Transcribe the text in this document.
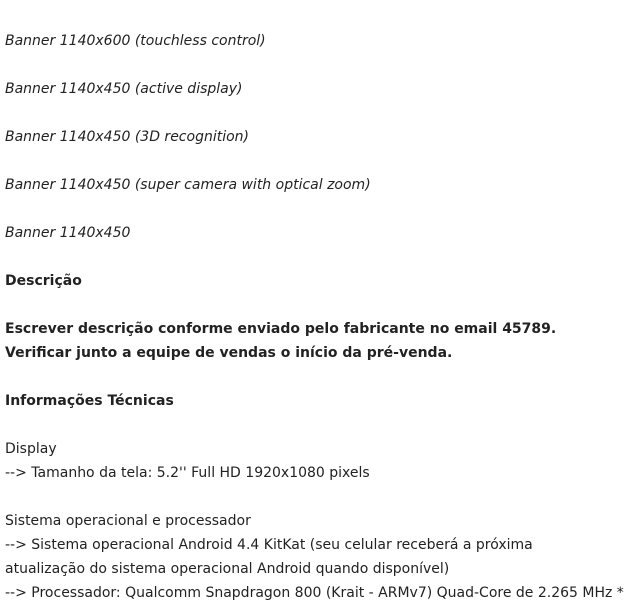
Banner 1140x600 (touchless control)

Banner 1140x450 (active display)

Banner 1140x450 (3D recognition)

Banner 1140x450 (super camera with optical zoom)

Banner 1140x450

Descrição

Escrever descrição conforme enviado pelo fabricante no email 45789.

Verificar junto a equipe de vendas o início da pré-venda.

Informações Técnicas

Display

--> Tamanho da tela: 5.2'' Full HD 1920x1080 pixels

Sistema operacional e processador

--> Sistema operacional Android 4.4 KitKat (seu celular receberá a próxima atualização do sistema operacional Android quando disponível)

--> Processador: Qualcomm Snapdragon 800 (Krait - ARMv7) Quad-Core de 2.265 MHz *
